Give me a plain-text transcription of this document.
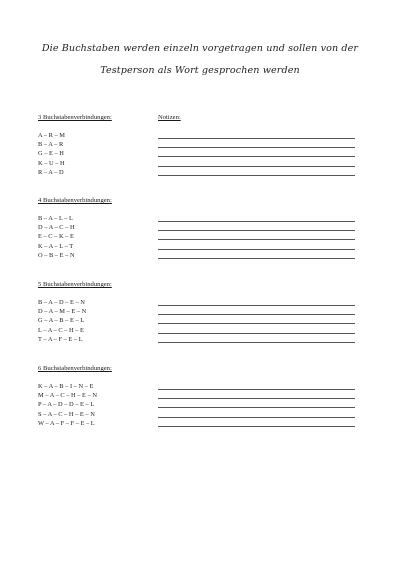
Die Buchstaben werden einzeln vorgetragen und sollen von der
Testperson als Wort gesprochen werden
3 Buchstabenverbindungen:	Notizen:
A – R – M
B – A – R
G – E – H
K – U – H
R – A – D
4 Buchstabenverbindungen:
B – A – L – L
D – A – C – H
E – C – K – E
K – A – L – T
O – B – E – N
5 Buchstabenverbindungen:
B – A – D – E – N
D – A – M – E – N
G – A – B – E – L
L – A – C – H – E
T – A – F – E – L
6 Buchstabenverbindungen:
K – A – B – I – N – E
M – A – C – H – E – N
P – A – D – D – E – L
S – A – C – H – E – N
W – A – F – F – E – L
